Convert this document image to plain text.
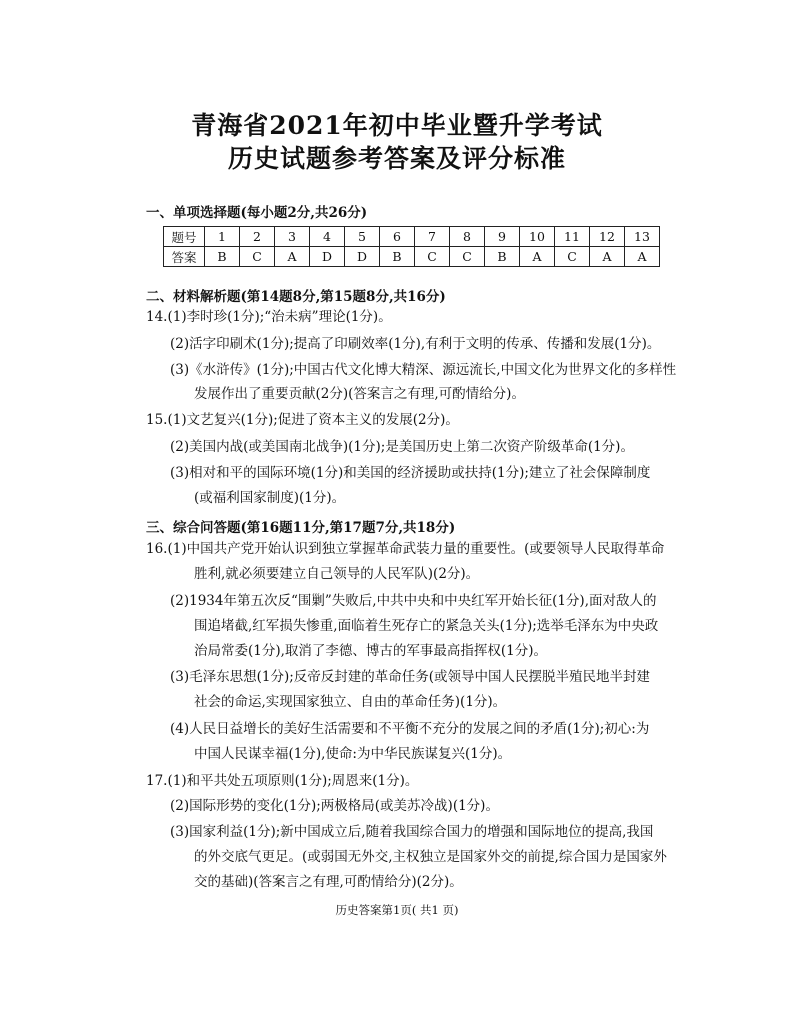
青海省2021年初中毕业暨升学考试
历史试题参考答案及评分标准
一、单项选择题(每小题2分,共26分)
题号	1	2	3	4	5	6	7	8	9	10	11	12	13
答案	B	C	A	D	D	B	C	C	B	A	C	A	A
二、材料解析题(第14题8分,第15题8分,共16分)
14.(1)李时珍(1分);“治未病”理论(1分)。
(2)活字印刷术(1分);提高了印刷效率(1分),有利于文明的传承、传播和发展(1分)。
(3)《水浒传》(1分);中国古代文化博大精深、源远流长,中国文化为世界文化的多样性
发展作出了重要贡献(2分)(答案言之有理,可酌情给分)。
15.(1)文艺复兴(1分);促进了资本主义的发展(2分)。
(2)美国内战(或美国南北战争)(1分);是美国历史上第二次资产阶级革命(1分)。
(3)相对和平的国际环境(1分)和美国的经济援助或扶持(1分);建立了社会保障制度
(或福利国家制度)(1分)。
三、综合问答题(第16题11分,第17题7分,共18分)
16.(1)中国共产党开始认识到独立掌握革命武装力量的重要性。(或要领导人民取得革命
胜利,就必须要建立自己领导的人民军队)(2分)。
(2)1934年第五次反“围剿”失败后,中共中央和中央红军开始长征(1分),面对敌人的
围追堵截,红军损失惨重,面临着生死存亡的紧急关头(1分);选举毛泽东为中央政
治局常委(1分),取消了李德、博古的军事最高指挥权(1分)。
(3)毛泽东思想(1分);反帝反封建的革命任务(或领导中国人民摆脱半殖民地半封建
社会的命运,实现国家独立、自由的革命任务)(1分)。
(4)人民日益增长的美好生活需要和不平衡不充分的发展之间的矛盾(1分);初心:为
中国人民谋幸福(1分),使命:为中华民族谋复兴(1分)。
17.(1)和平共处五项原则(1分);周恩来(1分)。
(2)国际形势的变化(1分);两极格局(或美苏冷战)(1分)。
(3)国家利益(1分);新中国成立后,随着我国综合国力的增强和国际地位的提高,我国
的外交底气更足。(或弱国无外交,主权独立是国家外交的前提,综合国力是国家外
交的基础)(答案言之有理,可酌情给分)(2分)。
历史答案第1页( 共1 页)
